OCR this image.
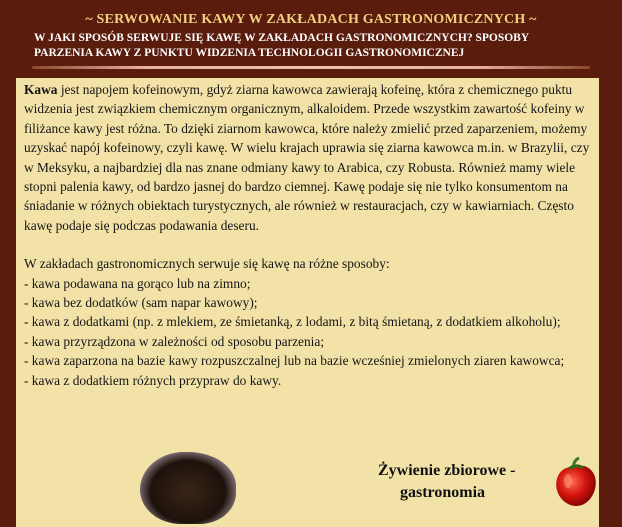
~ SERWOWANIE KAWY W ZAKŁADACH GASTRONOMICZNYCH ~
W JAKI SPOSÓB SERWUJE SIĘ KAWĘ W ZAKŁADACH GASTRONOMICZNYCH? SPOSOBY
PARZENIA KAWY Z PUNKTU WIDZENIA TECHNOLOGII GASTRONOMICZNEJ
Kawa jest napojem kofeinowym, gdyż ziarna kawowca zawierają kofeinę, która z chemicznego puktu widzenia jest związkiem chemicznym organicznym, alkaloidem. Przede wszystkim zawartość kofeiny w filiżance kawy jest różna. To dzięki ziarnom kawowca, które należy zmielić przed zaparzeniem, możemy uzyskać napój kofeinowy, czyli kawę. W wielu krajach uprawia się ziarna kawowca m.in. w Brazylii, czy w Meksyku, a najbardziej dla nas znane odmiany kawy to Arabica, czy Robusta. Również mamy wiele stopni palenia kawy, od bardzo jasnej do bardzo ciemnej. Kawę podaje się nie tylko konsumentom na śniadanie w różnych obiektach turystycznych, ale również w restauracjach, czy w kawiarniach. Często kawę podaje się podczas podawania deseru.
W zakładach gastronomicznych serwuje się kawę na różne sposoby:
- kawa podawana na gorąco lub na zimno;
- kawa bez dodatków (sam napar kawowy);
- kawa z dodatkami (np. z mlekiem, ze śmietanką, z lodami, z bitą śmietaną, z dodatkiem alkoholu);
- kawa przyrządzona w zależności od sposobu parzenia;
- kawa zaparzona na bazie kawy rozpuszczalnej lub na bazie wcześniej zmielonych ziaren kawowca;
- kawa z dodatkiem różnych przypraw do kawy.
Żywienie zbiorowe -
gastronomia
